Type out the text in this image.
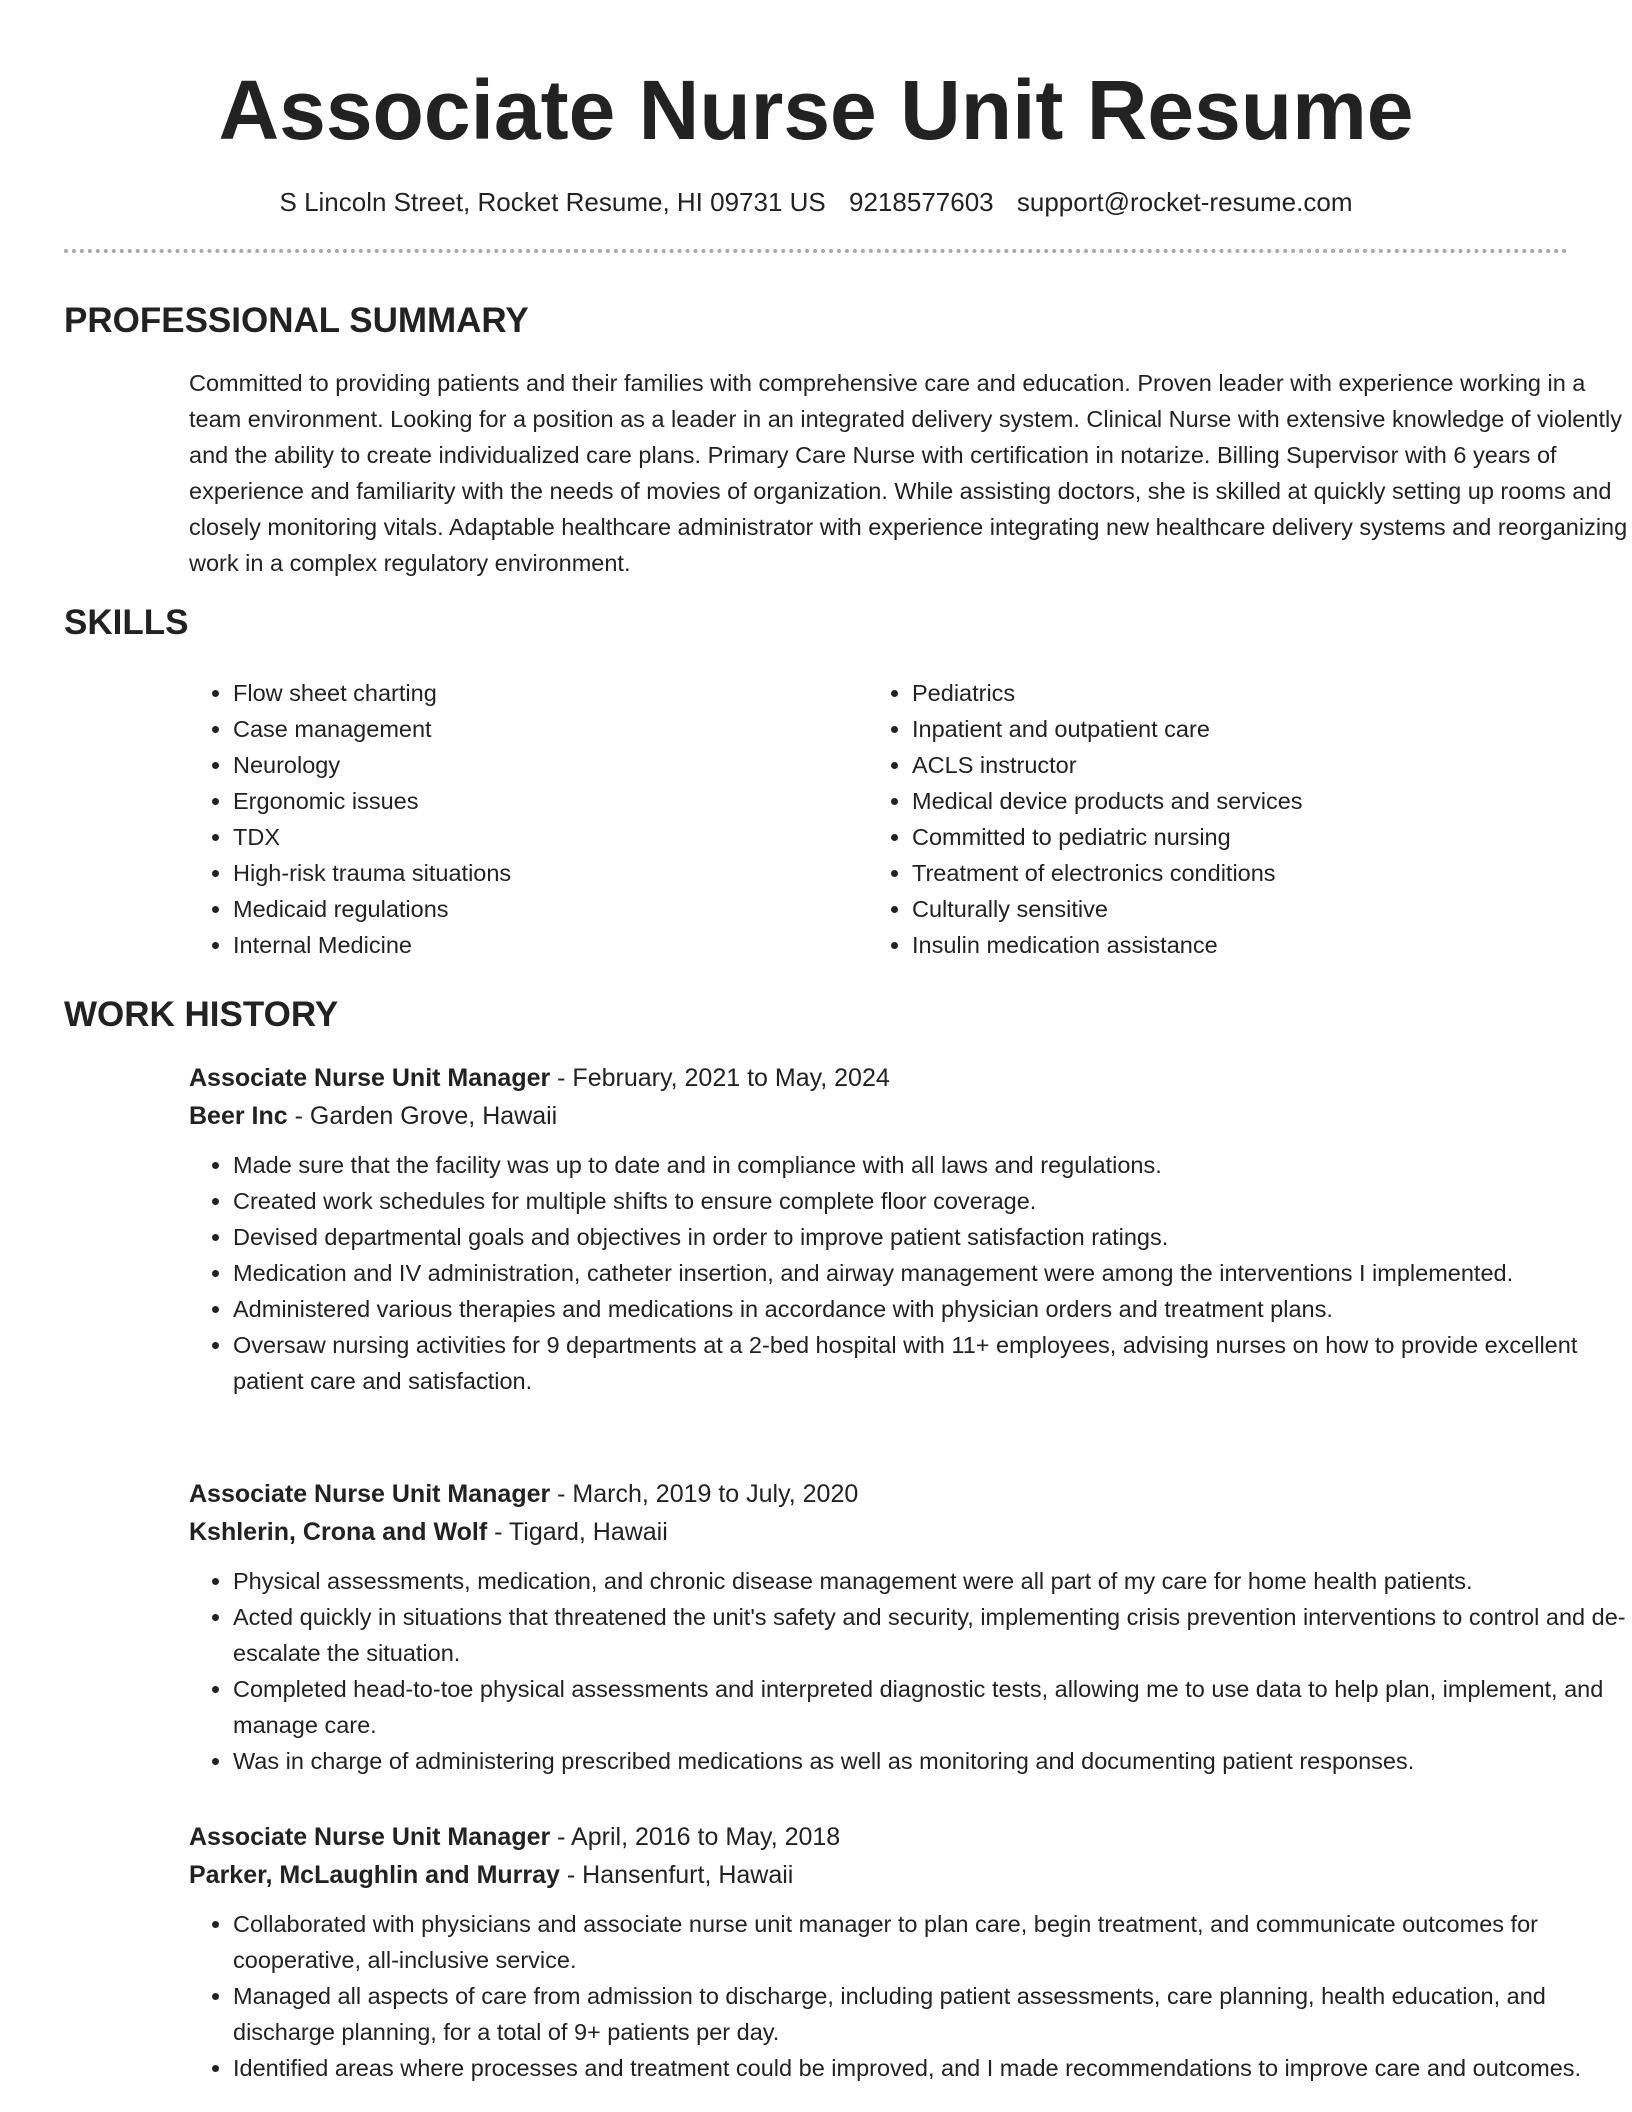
Associate Nurse Unit Resume
S Lincoln Street, Rocket Resume, HI 09731 US 9218577603 support@rocket-resume.com
PROFESSIONAL SUMMARY

Committed to providing patients and their families with comprehensive care and education. Proven leader with experience working in a team environment. Looking for a position as a leader in an integrated delivery system. Clinical Nurse with extensive knowledge of violently and the ability to create individualized care plans. Primary Care Nurse with certification in notarize. Billing Supervisor with 6 years of experience and familiarity with the needs of movies of organization. While assisting doctors, she is skilled at quickly setting up rooms and closely monitoring vitals. Adaptable healthcare administrator with experience integrating new healthcare delivery systems and reorganizing work in a complex regulatory environment.

SKILLS
• Flow sheet charting
• Case management
• Neurology
• Ergonomic issues
• TDX
• High-risk trauma situations
• Medicaid regulations
• Internal Medicine
• Pediatrics
• Inpatient and outpatient care
• ACLS instructor
• Medical device products and services
• Committed to pediatric nursing
• Treatment of electronics conditions
• Culturally sensitive
• Insulin medication assistance
WORK HISTORY

Associate Nurse Unit Manager - February, 2021 to May, 2024

Beer Inc - Garden Grove, Hawaii

• Made sure that the facility was up to date and in compliance with all laws and regulations.
• Created work schedules for multiple shifts to ensure complete floor coverage.
• Devised departmental goals and objectives in order to improve patient satisfaction ratings.
• Medication and IV administration, catheter insertion, and airway management were among the interventions I implemented.
• Administered various therapies and medications in accordance with physician orders and treatment plans.
• Oversaw nursing activities for 9 departments at a 2-bed hospital with 11+ employees, advising nurses on how to provide excellent patient care and satisfaction.

Associate Nurse Unit Manager - March, 2019 to July, 2020

Kshlerin, Crona and Wolf - Tigard, Hawaii

• Physical assessments, medication, and chronic disease management were all part of my care for home health patients.
• Acted quickly in situations that threatened the unit's safety and security, implementing crisis prevention interventions to control and de-escalate the situation.
• Completed head-to-toe physical assessments and interpreted diagnostic tests, allowing me to use data to help plan, implement, and manage care.
• Was in charge of administering prescribed medications as well as monitoring and documenting patient responses.

Associate Nurse Unit Manager - April, 2016 to May, 2018

Parker, McLaughlin and Murray - Hansenfurt, Hawaii

• Collaborated with physicians and associate nurse unit manager to plan care, begin treatment, and communicate outcomes for cooperative, all-inclusive service.
• Managed all aspects of care from admission to discharge, including patient assessments, care planning, health education, and discharge planning, for a total of 9+ patients per day.
• Identified areas where processes and treatment could be improved, and I made recommendations to improve care and outcomes.
